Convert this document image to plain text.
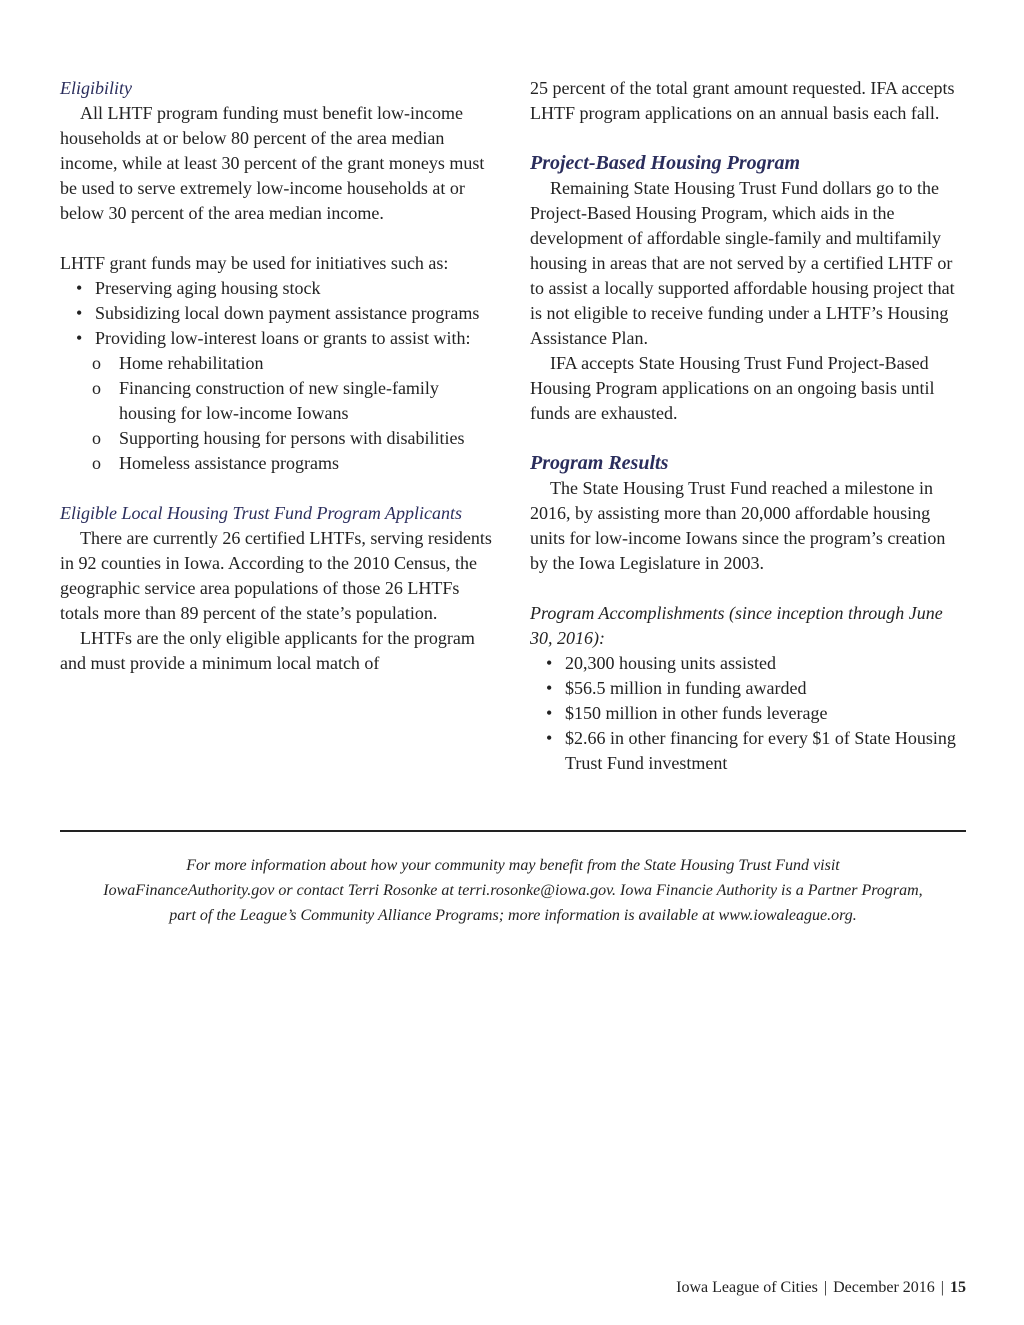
Eligibility

All LHTF program funding must benefit low-income households at or below 80 percent of the area median income, while at least 30 percent of the grant moneys must be used to serve extremely low-income households at or below 30 percent of the area median income.

LHTF grant funds may be used for initiatives such as:

• Preserving aging housing stock
• Subsidizing local down payment assistance programs
• Providing low-interest loans or grants to assist with:
o Home rehabilitation
o Financing construction of new single-family housing for low-income Iowans
o Supporting housing for persons with disabilities
o Homeless assistance programs

Eligible Local Housing Trust Fund Program Applicants

There are currently 26 certified LHTFs, serving residents in 92 counties in Iowa. According to the 2010 Census, the geographic service area populations of those 26 LHTFs totals more than 89 percent of the state’s population.

LHTFs are the only eligible applicants for the program and must provide a minimum local match of

25 percent of the total grant amount requested. IFA accepts LHTF program applications on an annual basis each fall.

Project-Based Housing Program

Remaining State Housing Trust Fund dollars go to the Project-Based Housing Program, which aids in the development of affordable single-family and multifamily housing in areas that are not served by a certified LHTF or to assist a locally supported affordable housing project that is not eligible to receive funding under a LHTF’s Housing Assistance Plan.

IFA accepts State Housing Trust Fund Project-Based Housing Program applications on an ongoing basis until funds are exhausted.

Program Results

The State Housing Trust Fund reached a milestone in 2016, by assisting more than 20,000 affordable housing units for low-income Iowans since the program’s creation by the Iowa Legislature in 2003.

Program Accomplishments (since inception through June 30, 2016):

• 20,300 housing units assisted
• $56.5 million in funding awarded
• $150 million in other funds leverage
• $2.66 in other financing for every $1 of State Housing Trust Fund investment
For more information about how your community may benefit from the State Housing Trust Fund visit
IowaFinanceAuthority.gov or contact Terri Rosonke at terri.rosonke@iowa.gov. Iowa Financie Authority is a Partner Program,
part of the League’s Community Alliance Programs; more information is available at www.iowaleague.org.
Iowa League of Cities | December 2016 | 15
